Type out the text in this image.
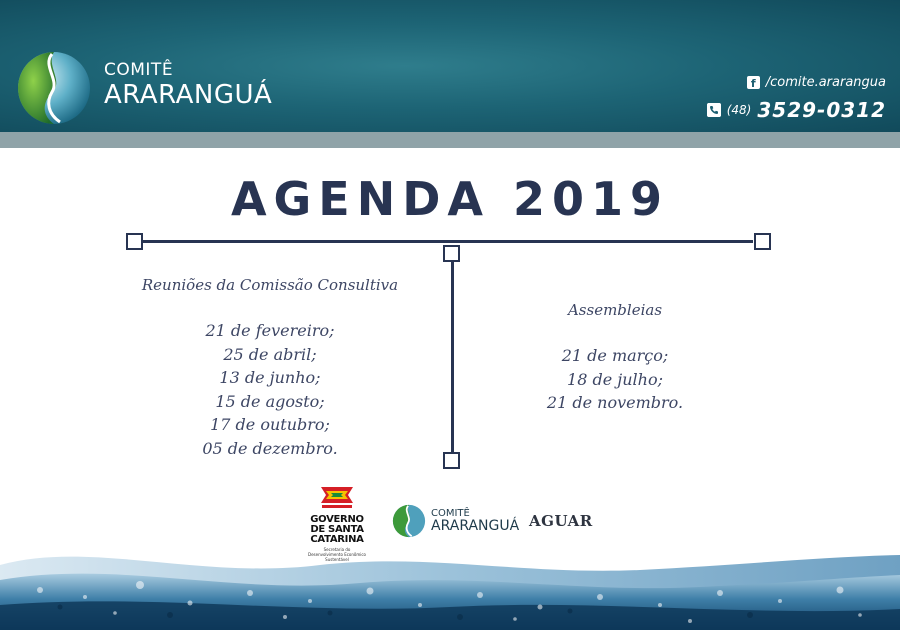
COMITÊ
ARARANGUÁ	f /comite.ararangua
(48) 3529-0312
AGENDA 2019
Reuniões da Comissão Consultiva
21 de fevereiro;
25 de abril;
13 de junho;
15 de agosto;
17 de outubro;
05 de dezembro.
Assembleias
21 de março;
18 de julho;
21 de novembro.
GOVERNO
DE SANTA
CATARINA
Secretaria do Desenvolvimento Econômico Sustentável
COMITÊ
ARARANGUÁ AGUAR
